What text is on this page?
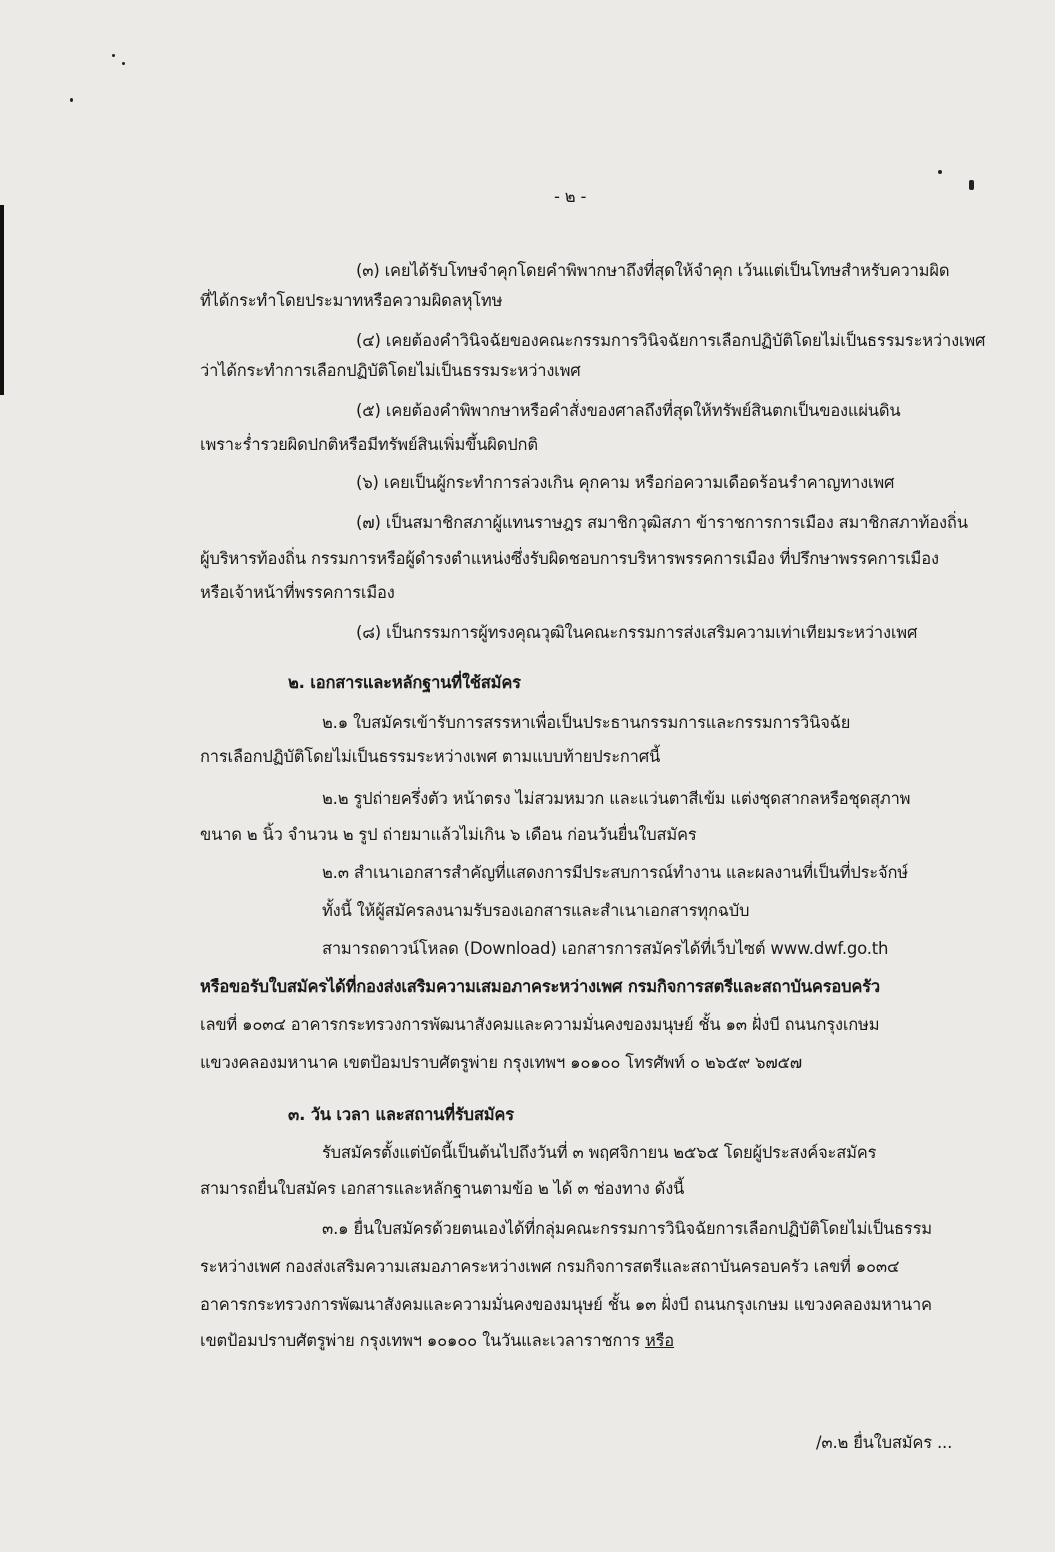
- ๒ -
(๓) เคยได้รับโทษจำคุกโดยคำพิพากษาถึงที่สุดให้จำคุก เว้นแต่เป็นโทษสำหรับความผิด
ที่ได้กระทำโดยประมาทหรือความผิดลหุโทษ
(๔) เคยต้องคำวินิจฉัยของคณะกรรมการวินิจฉัยการเลือกปฏิบัติโดยไม่เป็นธรรมระหว่างเพศ
ว่าได้กระทำการเลือกปฏิบัติโดยไม่เป็นธรรมระหว่างเพศ
(๕) เคยต้องคำพิพากษาหรือคำสั่งของศาลถึงที่สุดให้ทรัพย์สินตกเป็นของแผ่นดิน
เพราะร่ำรวยผิดปกติหรือมีทรัพย์สินเพิ่มขึ้นผิดปกติ
(๖) เคยเป็นผู้กระทำการล่วงเกิน คุกคาม หรือก่อความเดือดร้อนรำคาญทางเพศ
(๗) เป็นสมาชิกสภาผู้แทนราษฎร สมาชิกวุฒิสภา ข้าราชการการเมือง สมาชิกสภาท้องถิ่น
ผู้บริหารท้องถิ่น กรรมการหรือผู้ดำรงตำแหน่งซึ่งรับผิดชอบการบริหารพรรคการเมือง ที่ปรึกษาพรรคการเมือง
หรือเจ้าหน้าที่พรรคการเมือง
(๘) เป็นกรรมการผู้ทรงคุณวุฒิในคณะกรรมการส่งเสริมความเท่าเทียมระหว่างเพศ
๒. เอกสารและหลักฐานที่ใช้สมัคร
๒.๑ ใบสมัครเข้ารับการสรรหาเพื่อเป็นประธานกรรมการและกรรมการวินิจฉัย
การเลือกปฏิบัติโดยไม่เป็นธรรมระหว่างเพศ ตามแบบท้ายประกาศนี้
๒.๒ รูปถ่ายครึ่งตัว หน้าตรง ไม่สวมหมวก และแว่นตาสีเข้ม แต่งชุดสากลหรือชุดสุภาพ
ขนาด ๒ นิ้ว จำนวน ๒ รูป ถ่ายมาแล้วไม่เกิน ๖ เดือน ก่อนวันยื่นใบสมัคร
๒.๓ สำเนาเอกสารสำคัญที่แสดงการมีประสบการณ์ทำงาน และผลงานที่เป็นที่ประจักษ์
ทั้งนี้ ให้ผู้สมัครลงนามรับรองเอกสารและสำเนาเอกสารทุกฉบับ
สามารถดาวน์โหลด (Download) เอกสารการสมัครได้ที่เว็บไซต์ www.dwf.go.th
หรือขอรับใบสมัครได้ที่กองส่งเสริมความเสมอภาคระหว่างเพศ กรมกิจการสตรีและสถาบันครอบครัว
เลขที่ ๑๐๓๔ อาคารกระทรวงการพัฒนาสังคมและความมั่นคงของมนุษย์ ชั้น ๑๓ ฝั่งบี ถนนกรุงเกษม
แขวงคลองมหานาค เขตป้อมปราบศัตรูพ่าย กรุงเทพฯ ๑๐๑๐๐ โทรศัพท์ ๐ ๒๖๕๙ ๖๗๕๗
๓. วัน เวลา และสถานที่รับสมัคร
รับสมัครตั้งแต่บัดนี้เป็นต้นไปถึงวันที่ ๓ พฤศจิกายน ๒๕๖๕ โดยผู้ประสงค์จะสมัคร
สามารถยื่นใบสมัคร เอกสารและหลักฐานตามข้อ ๒ ได้ ๓ ช่องทาง ดังนี้
๓.๑ ยื่นใบสมัครด้วยตนเองได้ที่กลุ่มคณะกรรมการวินิจฉัยการเลือกปฏิบัติโดยไม่เป็นธรรม
ระหว่างเพศ กองส่งเสริมความเสมอภาคระหว่างเพศ กรมกิจการสตรีและสถาบันครอบครัว เลขที่ ๑๐๓๔
อาคารกระทรวงการพัฒนาสังคมและความมั่นคงของมนุษย์ ชั้น ๑๓ ฝั่งบี ถนนกรุงเกษม แขวงคลองมหานาค
เขตป้อมปราบศัตรูพ่าย กรุงเทพฯ ๑๐๑๐๐ ในวันและเวลาราชการ หรือ
/๓.๒ ยื่นใบสมัคร ...
